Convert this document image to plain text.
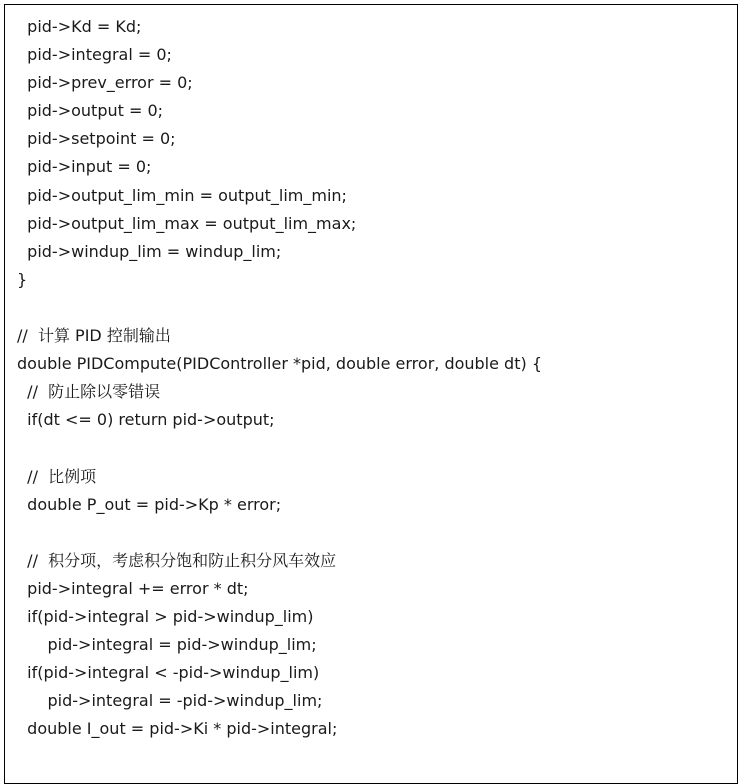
pid->Kd = Kd;
pid->integral = 0;
pid->prev_error = 0;
pid->output = 0;
pid->setpoint = 0;
pid->input = 0;
pid->output_lim_min = output_lim_min;
pid->output_lim_max = output_lim_max;
pid->windup_lim = windup_lim;
}
//  计算 PID 控制输出
double PIDCompute(PIDController *pid, double error, double dt) {
//  防止除以零错误
if(dt <= 0) return pid->output;
//  比例项
double P_out = pid->Kp * error;
//  积分项，考虑积分饱和防止积分风车效应
pid->integral += error * dt;
if(pid->integral > pid->windup_lim)
pid->integral = pid->windup_lim;
if(pid->integral < -pid->windup_lim)
pid->integral = -pid->windup_lim;
double I_out = pid->Ki * pid->integral;
